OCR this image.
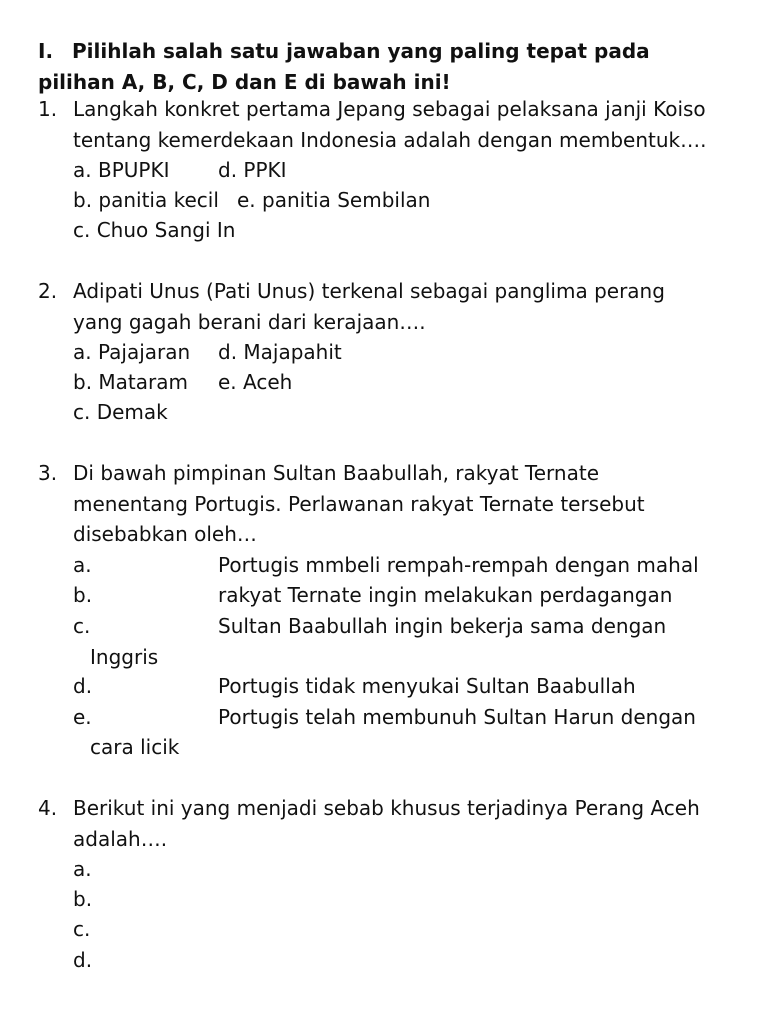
I. Pilihlah salah satu jawaban yang paling tepat pada
pilihan A, B, C, D dan E di bawah ini!
1. Langkah konkret pertama Jepang sebagai pelaksana janji Koiso
tentang kemerdekaan Indonesia adalah dengan membentuk….
a. BPUPKI d. PPKI
b. panitia kecil e. panitia Sembilan
c. Chuo Sangi In
2. Adipati Unus (Pati Unus) terkenal sebagai panglima perang
yang gagah berani dari kerajaan….
a. Pajajaran d. Majapahit
b. Mataram e. Aceh
c. Demak
3. Di bawah pimpinan Sultan Baabullah, rakyat Ternate
menentang Portugis. Perlawanan rakyat Ternate tersebut
disebabkan oleh…
a.	Portugis mmbeli rempah-rempah dengan mahal
b.	rakyat Ternate ingin melakukan perdagangan
c.	Sultan Baabullah ingin bekerja sama dengan
Inggris
d.	Portugis tidak menyukai Sultan Baabullah
e.	Portugis telah membunuh Sultan Harun dengan
cara licik
4. Berikut ini yang menjadi sebab khusus terjadinya Perang Aceh
adalah….
a.
b.
c.
d.
